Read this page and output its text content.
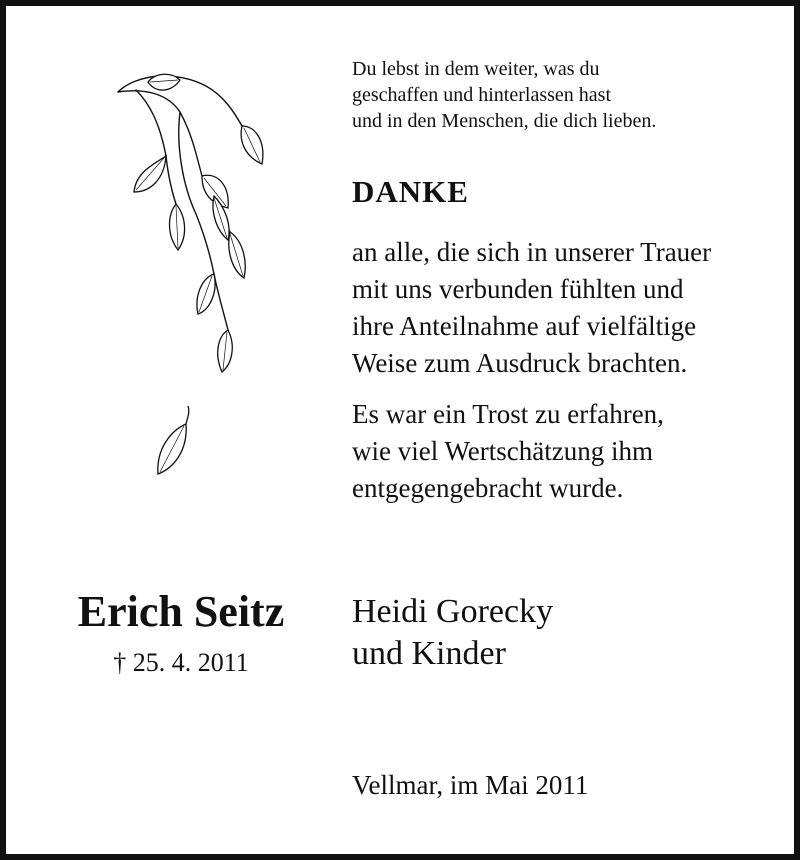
Du lebst in dem weiter, was du
geschaffen und hinterlassen hast
und in den Menschen, die dich lieben.
DANKE
an alle, die sich in unserer Trauer
mit uns verbunden fühlten und
ihre Anteilnahme auf vielfältige
Weise zum Ausdruck brachten.
Es war ein Trost zu erfahren,
wie viel Wertschätzung ihm
entgegengebracht wurde.
Erich Seitz
† 25. 4. 2011
Heidi Gorecky
und Kinder
Vellmar, im Mai 2011
